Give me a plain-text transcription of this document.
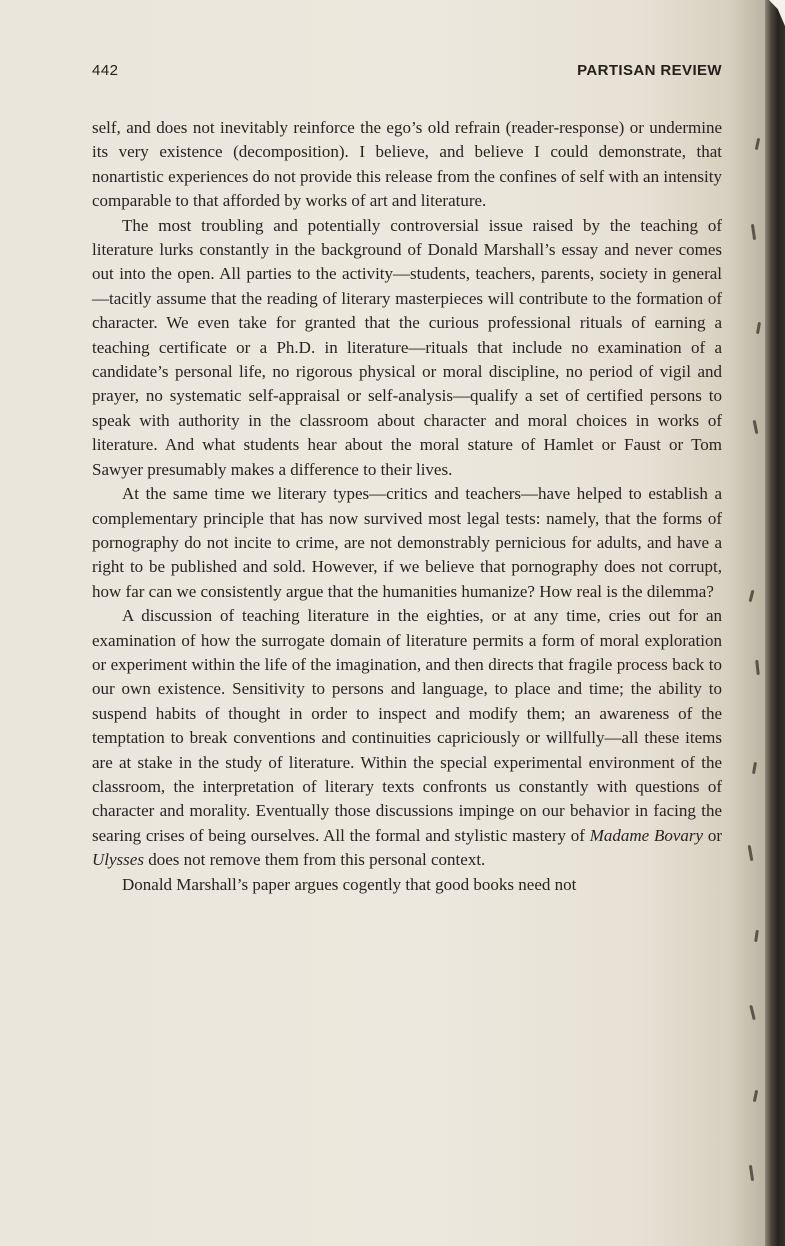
442	PARTISAN REVIEW

self, and does not inevitably reinforce the ego’s old refrain (reader-response) or undermine its very existence (decomposition). I believe, and believe I could demonstrate, that nonartistic experiences do not provide this release from the confines of self with an intensity comparable to that afforded by works of art and literature.

The most troubling and potentially controversial issue raised by the teaching of literature lurks constantly in the background of Donald Marshall’s essay and never comes out into the open. All parties to the activity—students, teachers, parents, society in general—tacitly assume that the reading of literary masterpieces will contribute to the formation of character. We even take for granted that the curious professional rituals of earning a teaching certificate or a Ph.D. in literature—rituals that include no examination of a candidate’s personal life, no rigorous physical or moral discipline, no period of vigil and prayer, no systematic self-appraisal or self-analysis—qualify a set of certified persons to speak with authority in the classroom about character and moral choices in works of literature. And what students hear about the moral stature of Hamlet or Faust or Tom Sawyer presumably makes a difference to their lives.

At the same time we literary types—critics and teachers—have helped to establish a complementary principle that has now survived most legal tests: namely, that the forms of pornography do not incite to crime, are not demonstrably pernicious for adults, and have a right to be published and sold. However, if we believe that pornography does not corrupt, how far can we consistently argue that the humanities humanize? How real is the dilemma?

A discussion of teaching literature in the eighties, or at any time, cries out for an examination of how the surrogate domain of literature permits a form of moral exploration or experiment within the life of the imagination, and then directs that fragile process back to our own existence. Sensitivity to persons and language, to place and time; the ability to suspend habits of thought in order to inspect and modify them; an awareness of the temptation to break conventions and continuities capriciously or willfully—all these items are at stake in the study of literature. Within the special experimental environment of the classroom, the interpretation of literary texts confronts us constantly with questions of character and morality. Eventually those discussions impinge on our behavior in facing the searing crises of being ourselves. All the formal and stylistic mastery of Madame Bovary or Ulysses does not remove them from this personal context.

Donald Marshall’s paper argues cogently that good books need not
